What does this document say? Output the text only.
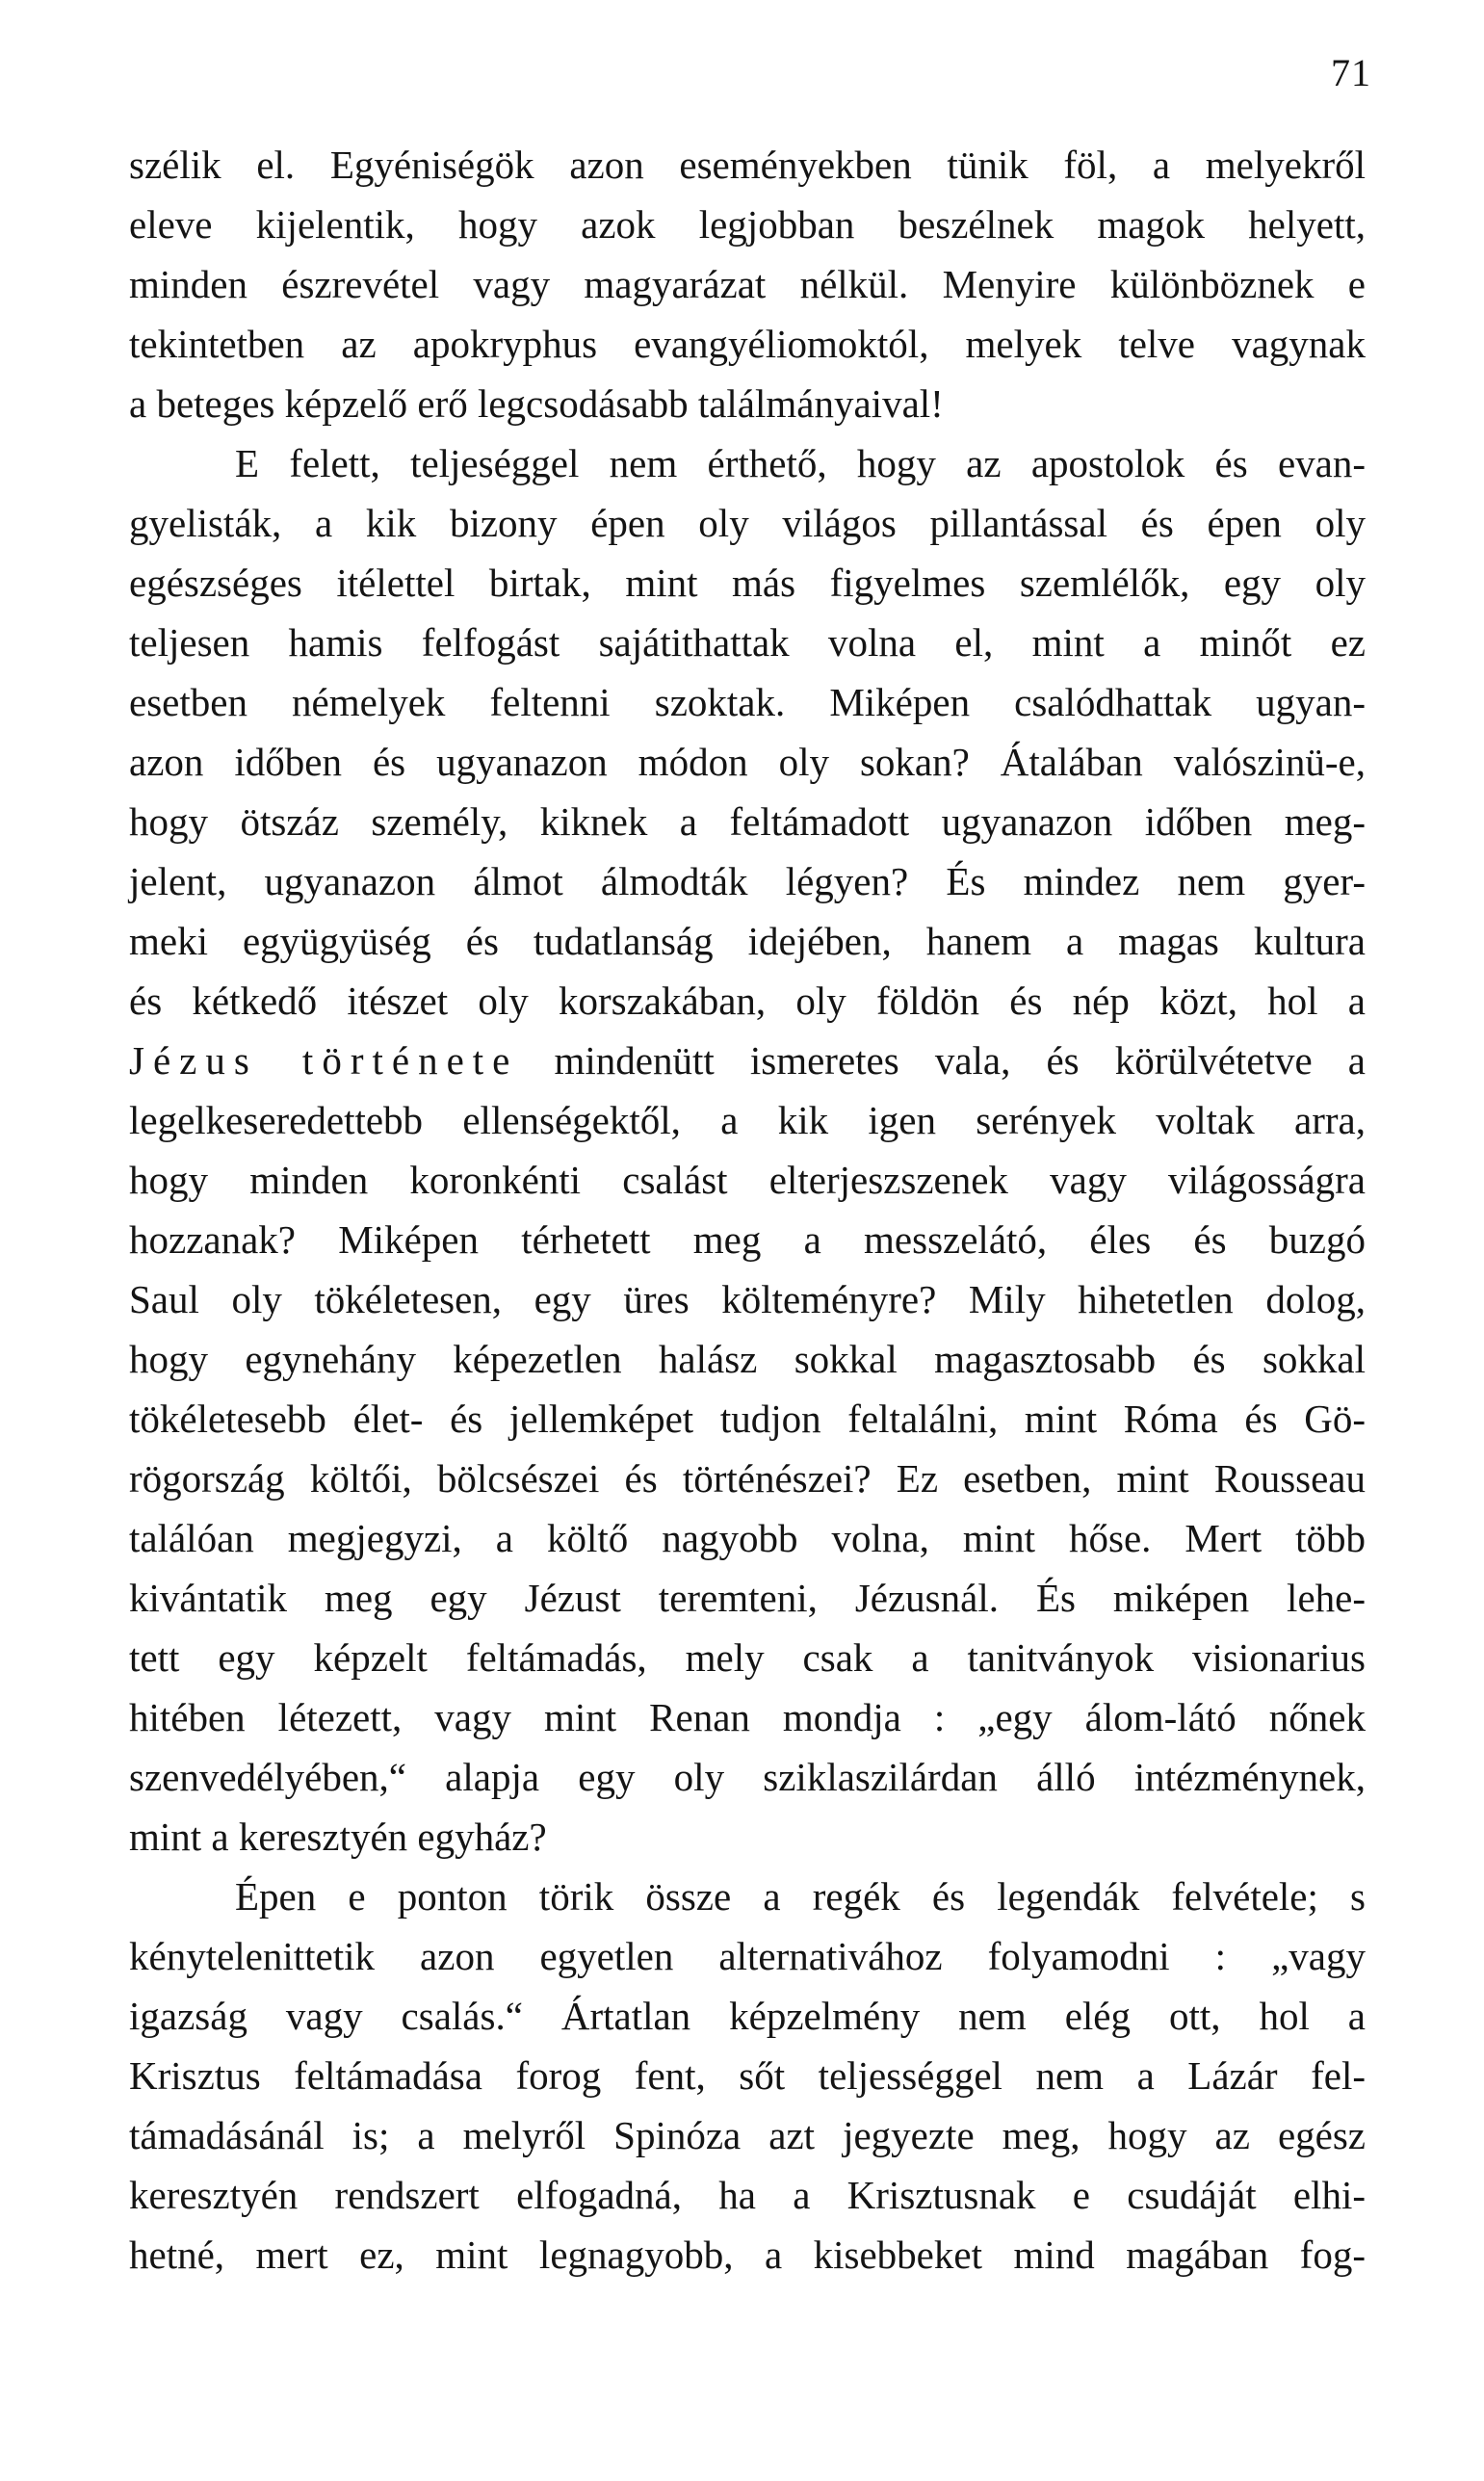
71
szélik el. Egyéniségök azon eseményekben tünik föl, a melyekről
eleve kijelentik, hogy azok legjobban beszélnek magok helyett,
minden észrevétel vagy magyarázat nélkül. Menyire különböznek e
tekintetben az apokryphus evangyéliomoktól, melyek telve vagynak
a beteges képzelő erő legcsodásabb találmányaival!
E felett, teljeséggel nem érthető, hogy az apostolok és evan-
gyelisták, a kik bizony épen oly világos pillantással és épen oly
egészséges itélettel birtak, mint más figyelmes szemlélők, egy oly
teljesen hamis felfogást sajátithattak volna el, mint a minőt ez
esetben némelyek feltenni szoktak. Miképen csalódhattak ugyan-
azon időben és ugyanazon módon oly sokan? Átalában valószinü-e,
hogy ötszáz személy, kiknek a feltámadott ugyanazon időben meg-
jelent, ugyanazon álmot álmodták légyen? És mindez nem gyer-
meki együgyüség és tudatlanság idejében, hanem a magas kultura
és kétkedő itészet oly korszakában, oly földön és nép közt, hol a
Jézus története mindenütt ismeretes vala, és körülvétetve a
legelkeseredettebb ellenségektől, a kik igen serények voltak arra,
hogy minden koronkénti csalást elterjeszszenek vagy világosságra
hozzanak? Miképen térhetett meg a messzelátó, éles és buzgó
Saul oly tökéletesen, egy üres költeményre? Mily hihetetlen dolog,
hogy egynehány képezetlen halász sokkal magasztosabb és sokkal
tökéletesebb élet- és jellemképet tudjon feltalálni, mint Róma és Gö-
rögország költői, bölcsészei és történészei? Ez esetben, mint Rousseau
találóan megjegyzi, a költő nagyobb volna, mint hőse. Mert több
kivántatik meg egy Jézust teremteni, Jézusnál. És miképen lehe-
tett egy képzelt feltámadás, mely csak a tanitványok visionarius
hitében létezett, vagy mint Renan mondja : „egy álom-látó nőnek
szenvedélyében,“ alapja egy oly sziklaszilárdan álló intézménynek,
mint a keresztyén egyház?
Épen e ponton törik össze a regék és legendák felvétele; s
kénytelenittetik azon egyetlen alternativához folyamodni : „vagy
igazság vagy csalás.“ Ártatlan képzelmény nem elég ott, hol a
Krisztus feltámadása forog fent, sőt teljességgel nem a Lázár fel-
támadásánál is; a melyről Spinóza azt jegyezte meg, hogy az egész
keresztyén rendszert elfogadná, ha a Krisztusnak e csudáját elhi-
hetné, mert ez, mint legnagyobb, a kisebbeket mind magában fog-
